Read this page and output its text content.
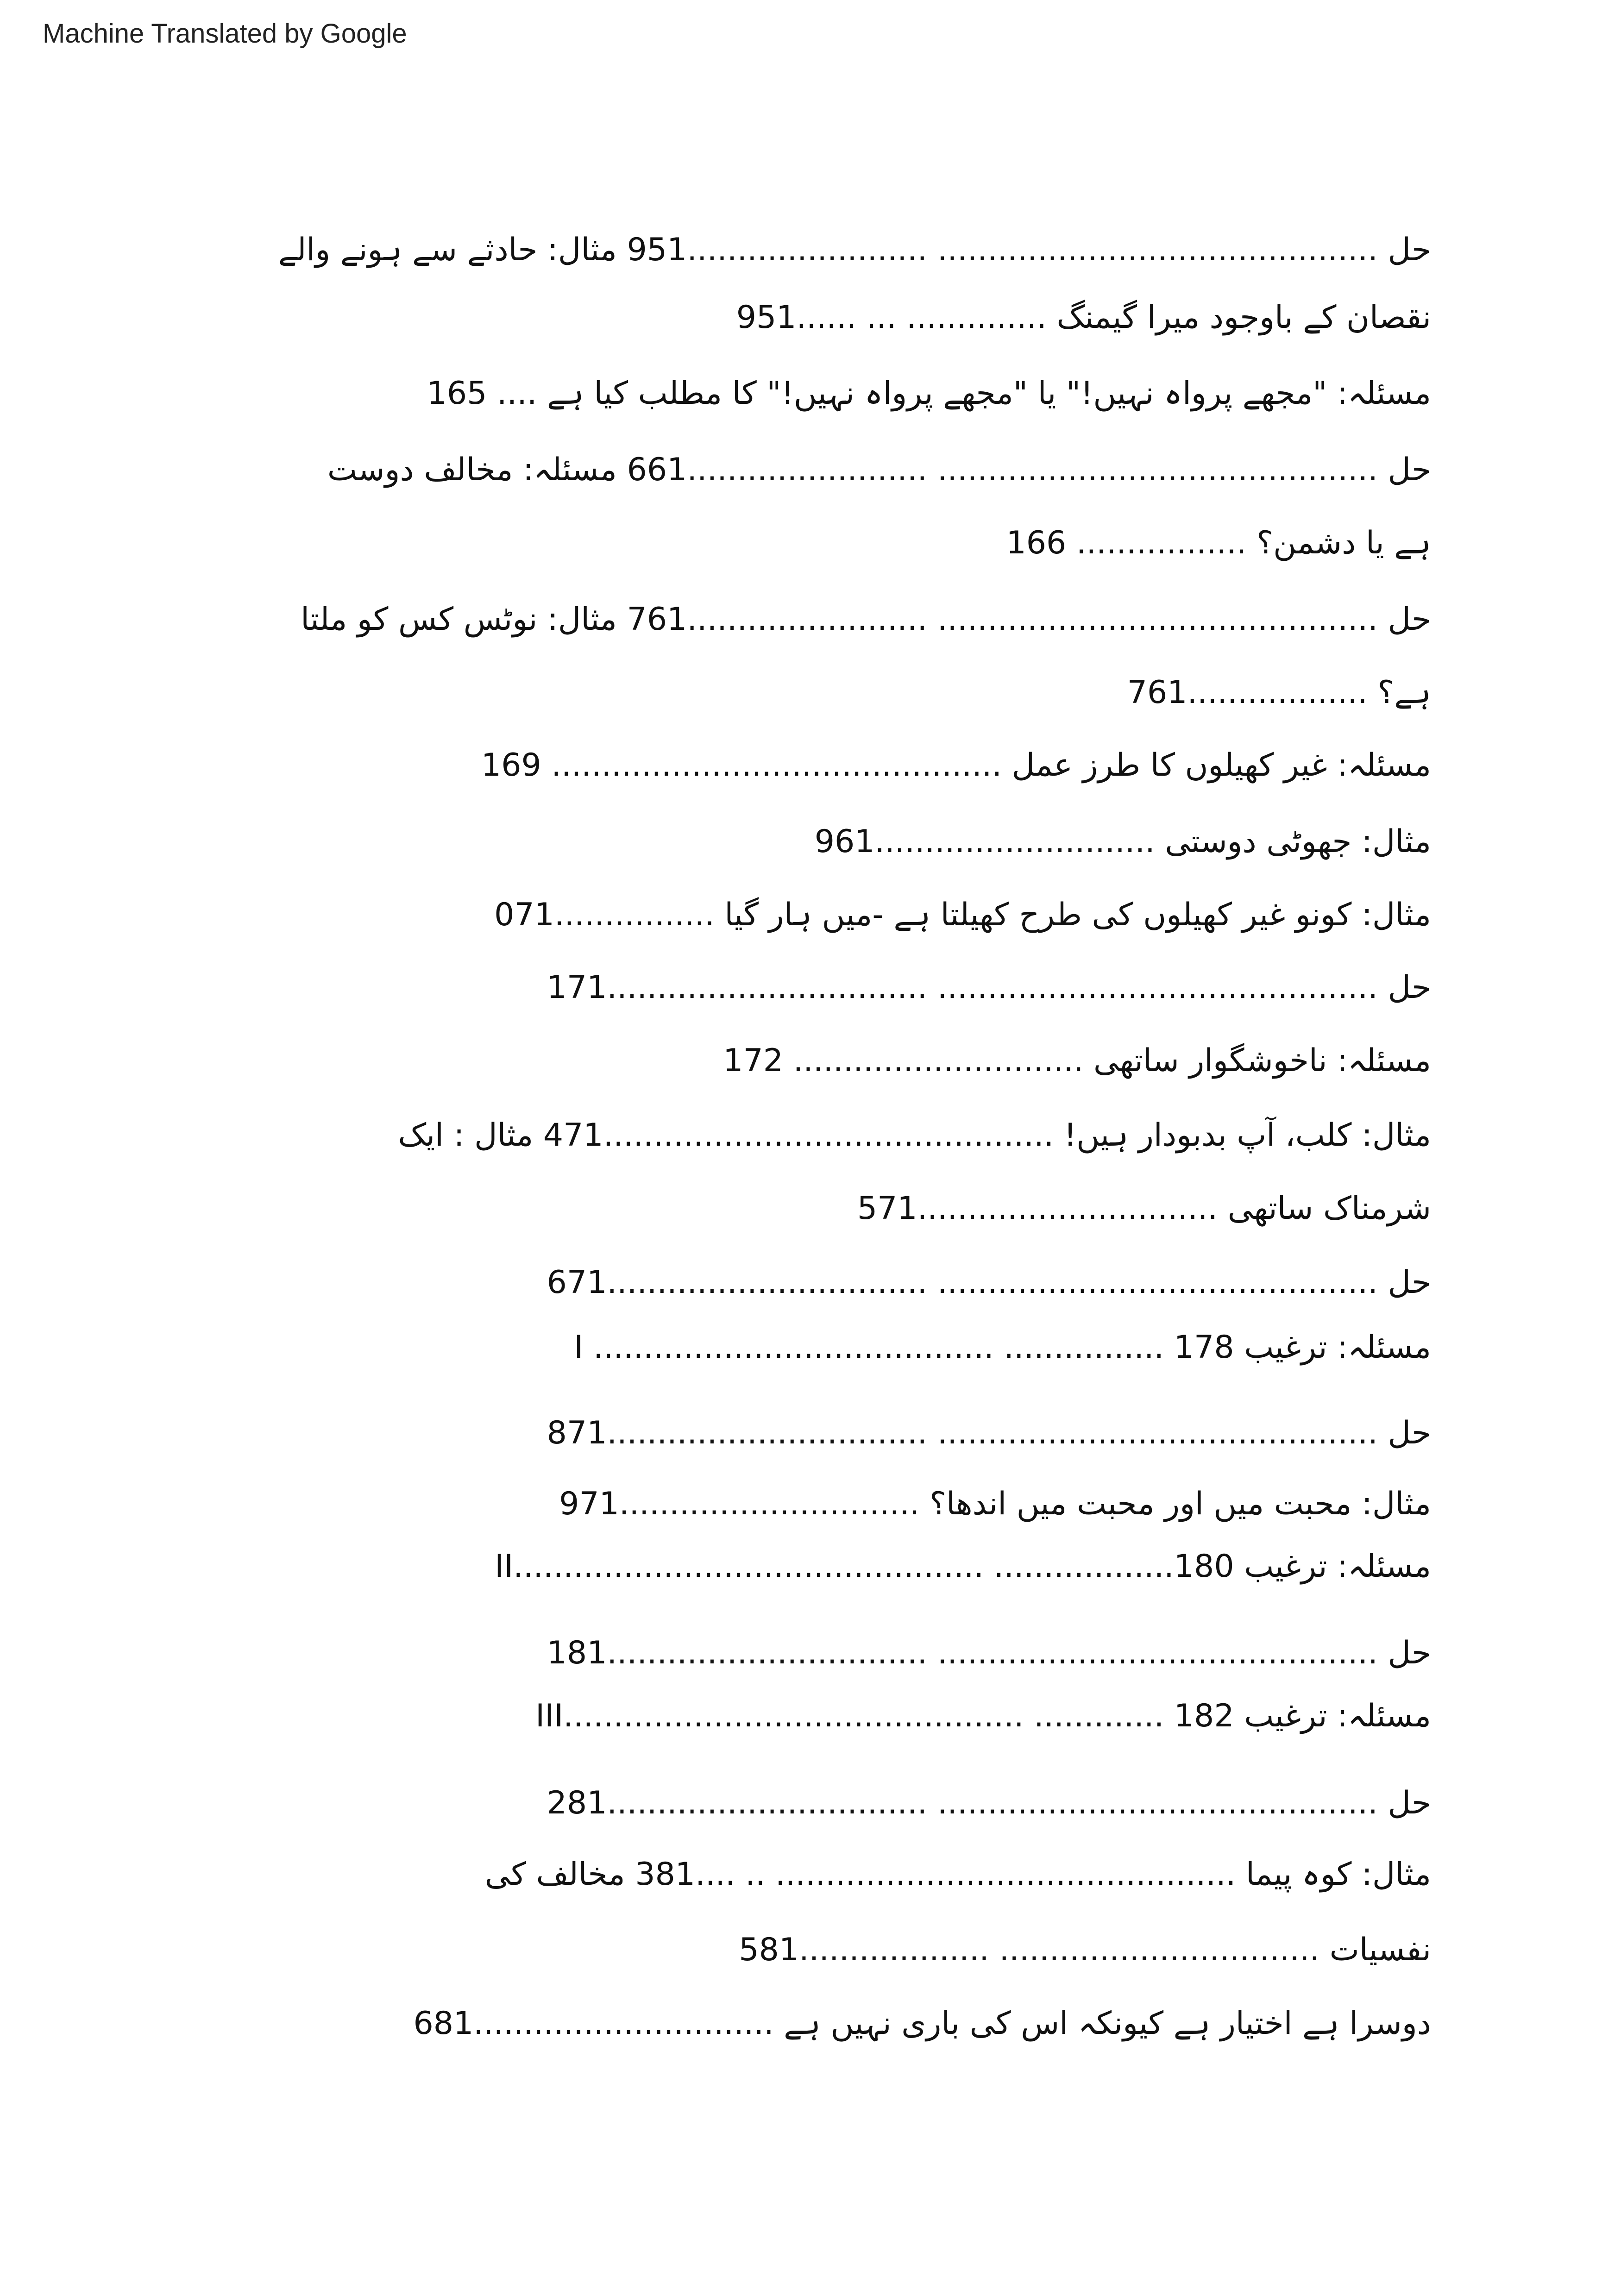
Machine Translated by Google
حل ............................................ ........................951 مثال: حادثے سے ہونے والے
نقصان کے باوجود میرا گیمنگ .............. ... ......951
مسئلہ: "مجھے پرواہ نہیں!" یا "مجھے پرواہ نہیں!" کا مطلب کیا ہے .... 165
حل ............................................ ........................661 مسئلہ: مخالف دوست
ہے یا دشمن؟ ................. 166
حل ............................................ ........................761 مثال: نوٹس کس کو ملتا
ہے؟ ..................761
مسئلہ: غیر کھیلوں کا طرز عمل ............................................. 169
مثال: جھوٹی دوستی ............................961
مثال: کونو غیر کھیلوں کی طرح کھیلتا ہے -میں ہار گیا ................071
حل ............................................ ................................171
مسئلہ: ناخوشگوار ساتھی ............................. 172
مثال: کلب، آپ بدبودار ہیں! .............................................471 مثال : ایک
شرمناک ساتھی ..............................571
حل ............................................ ................................671
مسئلہ: ترغیب 178 ................ ........................................ I
حل ............................................ ................................871
مثال: محبت میں اور محبت میں اندھا؟ ..............................971
مسئلہ: ترغیب 180.................. ...............................................II
حل ............................................ ................................181
مسئلہ: ترغیب 182 ............. ..............................................III
حل ............................................ ................................281
مثال: کوہ پیما .............................................. .. ....381 مخالف کی
نفسیات ................................ ...................581
دوسرا ہے اختیار ہے کیونکہ اس کی باری نہیں ہے ..............................681
